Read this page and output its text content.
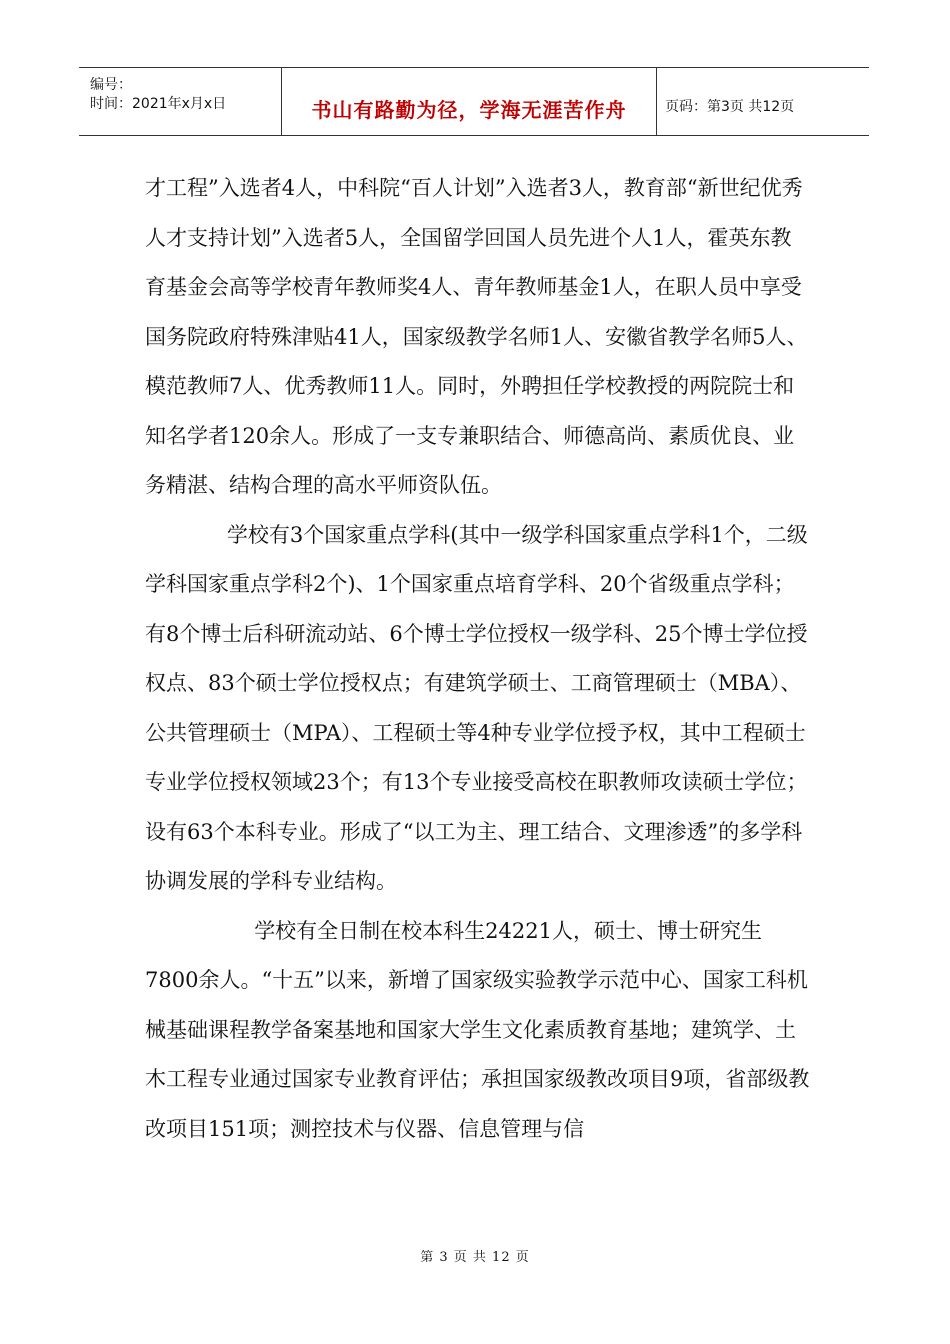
编号：
时间：2021年x月x日	书山有路勤为径，学海无涯苦作舟	页码：第3页 共12页

才工程”入选者4人，中科院“百人计划”入选者3人，教育部“新世纪优秀人才支持计划”入选者5人，全国留学回国人员先进个人1人，霍英东教育基金会高等学校青年教师奖4人、青年教师基金1人，在职人员中享受国务院政府特殊津贴41人，国家级教学名师1人、安徽省教学名师5人、模范教师7人、优秀教师11人。同时，外聘担任学校教授的两院院士和知名学者120余人。形成了一支专兼职结合、师德高尚、素质优良、业务精湛、结构合理的高水平师资队伍。

学校有3个国家重点学科(其中一级学科国家重点学科1个，二级学科国家重点学科2个)、1个国家重点培育学科、20个省级重点学科；有8个博士后科研流动站、6个博士学位授权一级学科、25个博士学位授权点、83个硕士学位授权点；有建筑学硕士、工商管理硕士（MBA）、公共管理硕士（MPA）、工程硕士等4种专业学位授予权，其中工程硕士专业学位授权领域23个；有13个专业接受高校在职教师攻读硕士学位；设有63个本科专业。形成了“以工为主、理工结合、文理渗透”的多学科协调发展的学科专业结构。

学校有全日制在校本科生24221人，硕士、博士研究生7800余人。“十五”以来，新增了国家级实验教学示范中心、国家工科机械基础课程教学备案基地和国家大学生文化素质教育基地；建筑学、土木工程专业通过国家专业教育评估；承担国家级教改项目9项，省部级教改项目151项；测控技术与仪器、信息管理与信

第 3 页 共 12 页
